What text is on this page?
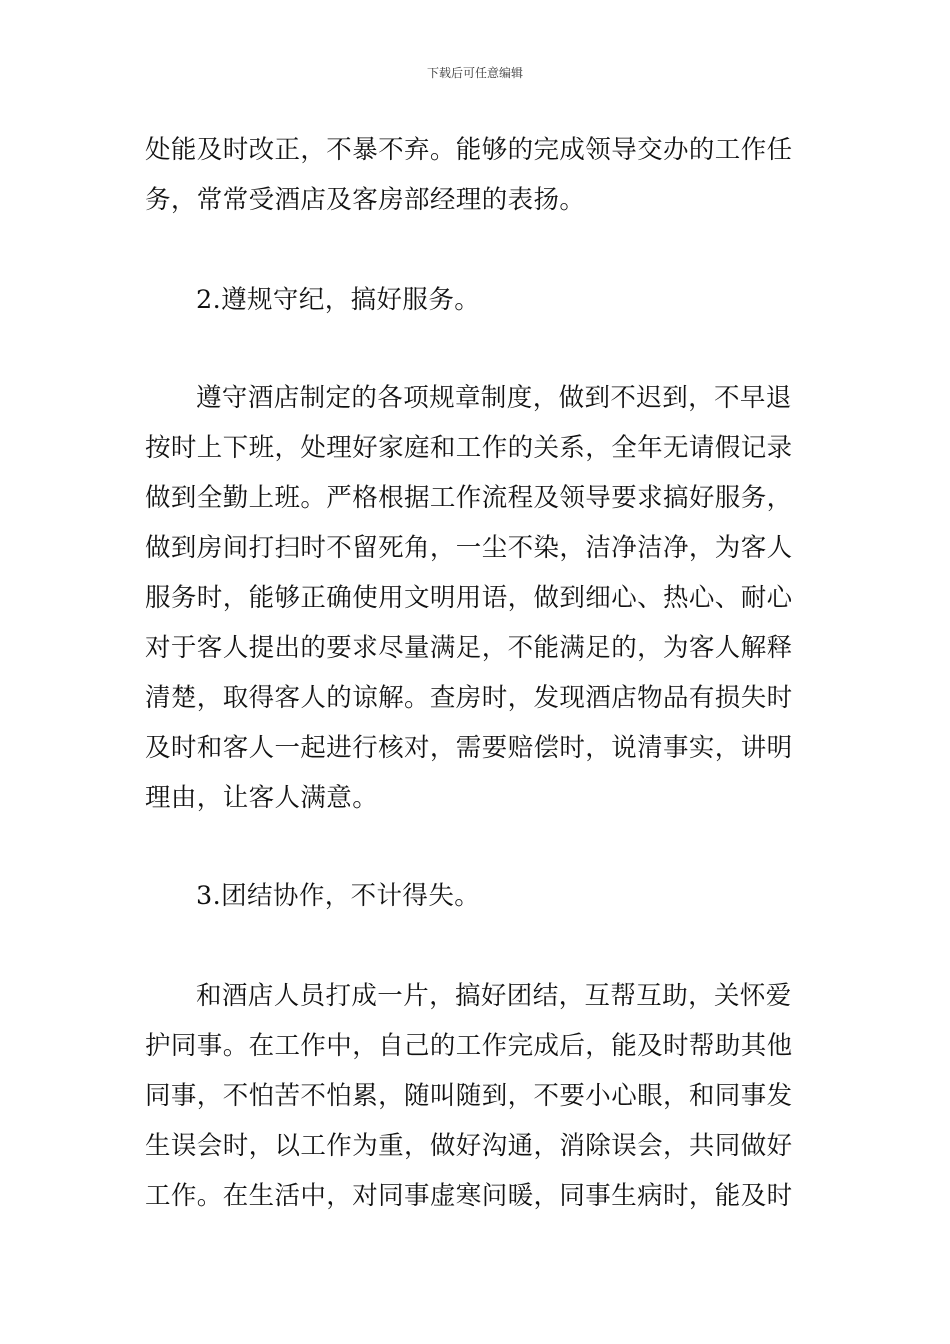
下载后可任意编辑
处能及时改正，不暴不弃。能够的完成领导交办的工作任
务，常常受酒店及客房部经理的表扬。
2.遵规守纪，搞好服务。
遵守酒店制定的各项规章制度，做到不迟到，不早退
按时上下班，处理好家庭和工作的关系，全年无请假记录
做到全勤上班。严格根据工作流程及领导要求搞好服务，
做到房间打扫时不留死角，一尘不染，洁净洁净，为客人
服务时，能够正确使用文明用语，做到细心、热心、耐心
对于客人提出的要求尽量满足，不能满足的，为客人解释
清楚，取得客人的谅解。查房时，发现酒店物品有损失时
及时和客人一起进行核对，需要赔偿时，说清事实，讲明
理由，让客人满意。
3.团结协作，不计得失。
和酒店人员打成一片，搞好团结，互帮互助，关怀爱
护同事。在工作中，自己的工作完成后，能及时帮助其他
同事，不怕苦不怕累，随叫随到，不要小心眼，和同事发
生误会时，以工作为重，做好沟通，消除误会，共同做好
工作。在生活中，对同事虚寒问暖，同事生病时，能及时
